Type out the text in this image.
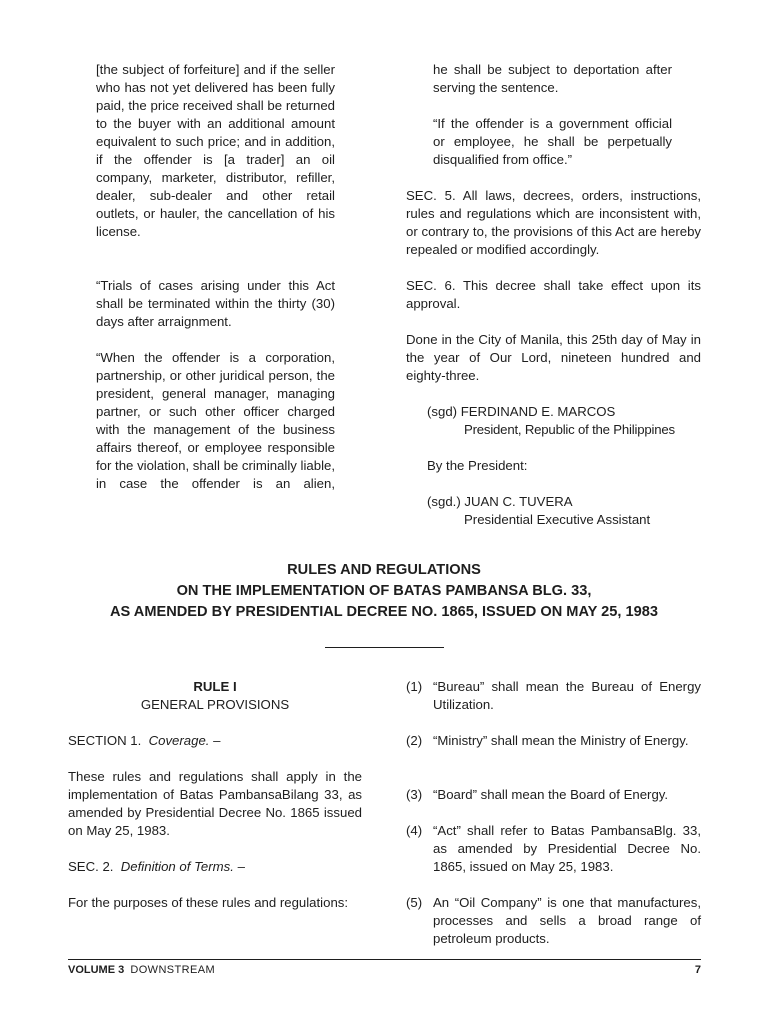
[the subject of forfeiture] and if the seller who has not yet delivered has been fully paid, the price received shall be returned to the buyer with an additional amount equivalent to such price; and in addition, if the offender is [a trader] an oil company, marketer, distributor, refiller, dealer, sub-dealer and other retail outlets, or hauler, the cancellation of his license.

“Trials of cases arising under this Act shall be terminated within the thirty (30) days after arraignment.

“When the offender is a corporation, partnership, or other juridical person, the president, general manager, managing partner, or such other officer charged with the management of the business affairs thereof, or employee responsible for the violation, shall be criminally liable, in case the offender is an alien,

he shall be subject to deportation after serving the sentence.

“If the offender is a government official or employee, he shall be perpetually disqualified from office.”

SEC. 5. All laws, decrees, orders, instructions, rules and regulations which are inconsistent with, or contrary to, the provisions of this Act are hereby repealed or modified accordingly.

SEC. 6. This decree shall take effect upon its approval.

Done in the City of Manila, this 25th day of May in the year of Our Lord, nineteen hundred and eighty-three.

(sgd) FERDINAND E. MARCOS

President, Republic of the Philippines

By the President:

(sgd.) JUAN C. TUVERA

Presidential Executive Assistant

RULES AND REGULATIONS
ON THE IMPLEMENTATION OF BATAS PAMBANSA BLG. 33,
AS AMENDED BY PRESIDENTIAL DECREE NO. 1865, ISSUED ON MAY 25, 1983
RULE I
GENERAL PROVISIONS

SECTION 1. Coverage. –

These rules and regulations shall apply in the implementation of Batas PambansaBilang 33, as amended by Presidential Decree No. 1865 issued on May 25, 1983.

SEC. 2. Definition of Terms. –

For the purposes of these rules and regulations:

(1) “Bureau” shall mean the Bureau of Energy Utilization.
(2) “Ministry” shall mean the Ministry of Energy.
(3) “Board” shall mean the Board of Energy.
(4) “Act” shall refer to Batas PambansaBlg. 33, as amended by Presidential Decree No. 1865, issued on May 25, 1983.
(5) An “Oil Company” is one that manufactures, processes and sells a broad range of petroleum products.
VOLUME 3 DOWNSTREAM	7
